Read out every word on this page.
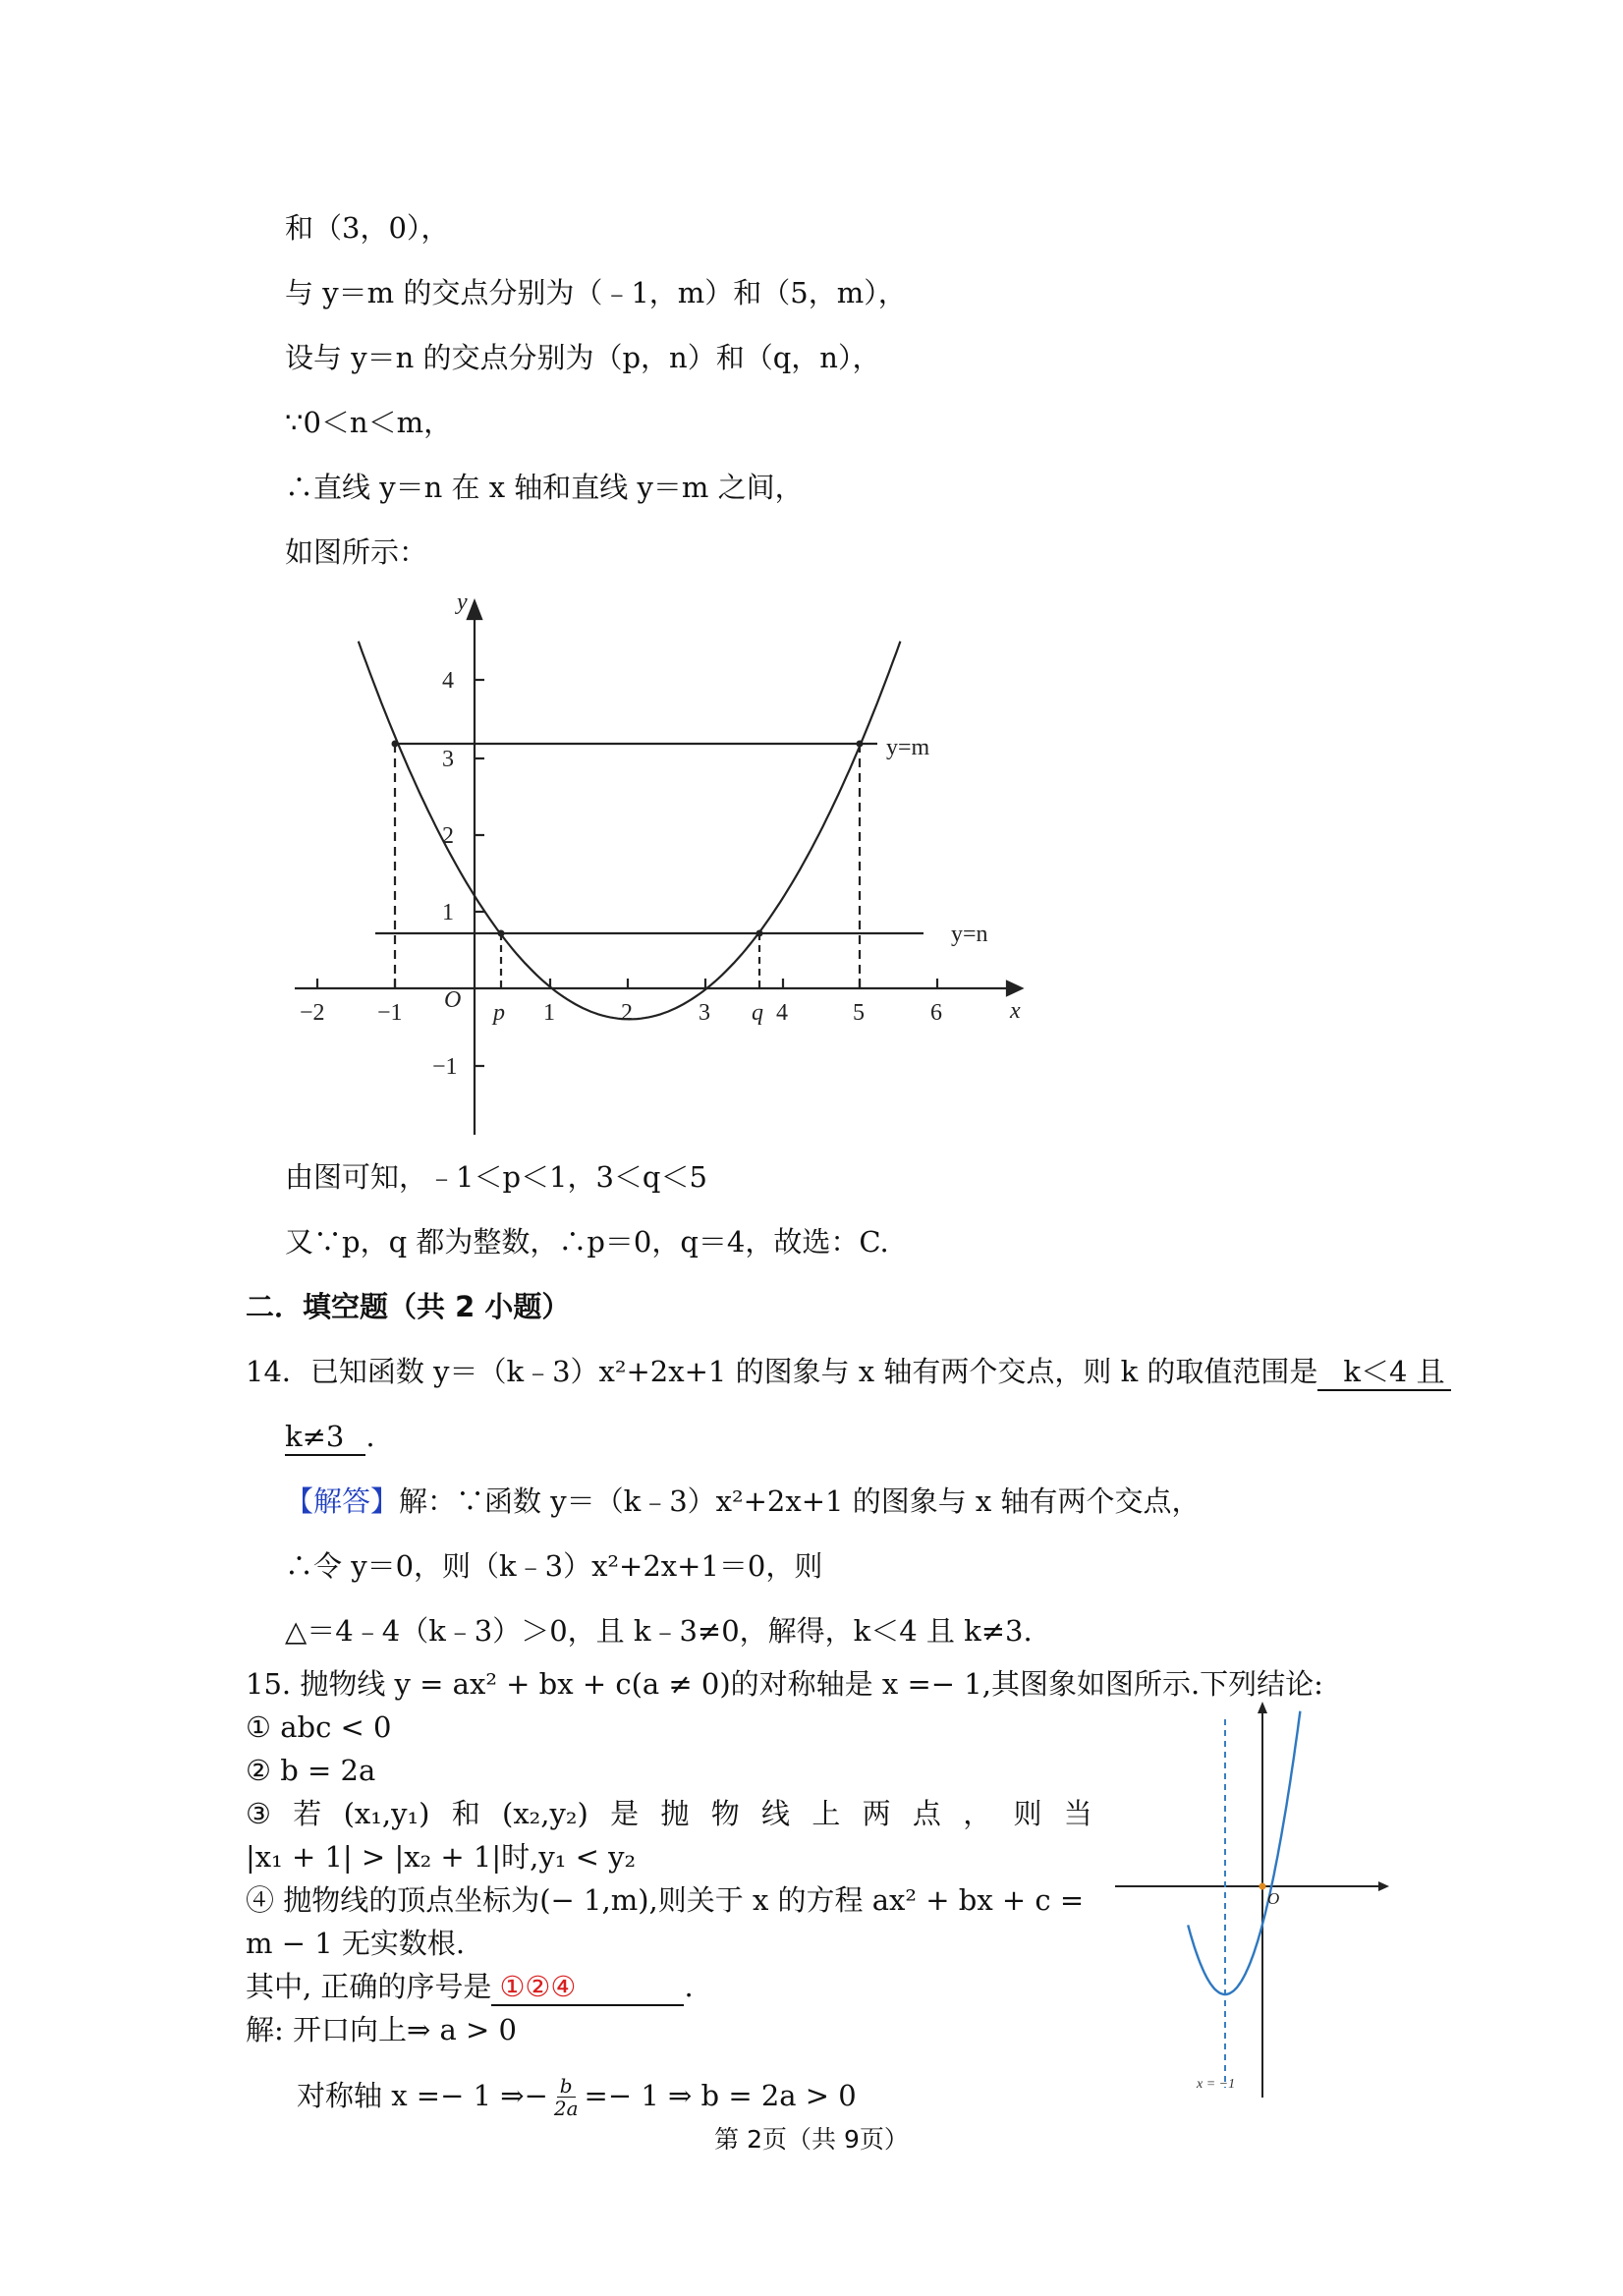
和（3，0），
与 y＝m 的交点分别为（﹣1，m）和（5，m），
设与 y＝n 的交点分别为（p，n）和（q，n），
∵0＜n＜m，
∴直线 y＝n 在 x 轴和直线 y＝m 之间，
如图所示：
y
x
O
4
3
2
1
−1
−2 −1	1	2	3	4	5	6
p	q
y=m
y=n
由图可知，﹣1＜p＜1，3＜q＜5
又∵p，q 都为整数，∴p＝0，q＝4，故选：C.
二．填空题（共 2 小题）
14．已知函数 y＝（k﹣3）x²+2x+1 的图象与 x 轴有两个交点，则 k 的取值范围是 k＜4 且
k≠3 .
【解答】解：∵函数 y＝（k﹣3）x²+2x+1 的图象与 x 轴有两个交点，
∴令 y＝0，则（k﹣3）x²+2x+1＝0，则
△＝4﹣4（k﹣3）＞0，且 k﹣3≠0，解得，k＜4 且 k≠3.
15. 抛物线 y = ax² + bx + c(a ≠ 0)的对称轴是 x =− 1,其图象如图所示.下列结论:
① abc < 0
② b = 2a
③ 若 (x₁,y₁) 和 (x₂,y₂) 是 抛 物 线 上 两 点 ， 则 当
|x₁ + 1| > |x₂ + 1|时,y₁ < y₂
④ 抛物线的顶点坐标为(− 1,m),则关于 x 的方程 ax² + bx + c =
m − 1 无实数根.
其中, 正确的序号是 ①②④	.
解: 开口向上⇒ a > 0
对称轴 x =− 1 ⇒− $\frac{b}{2a} =- 1$ ⇒ b = 2a > 0
O
x = −1
第 2页（共 9页）
